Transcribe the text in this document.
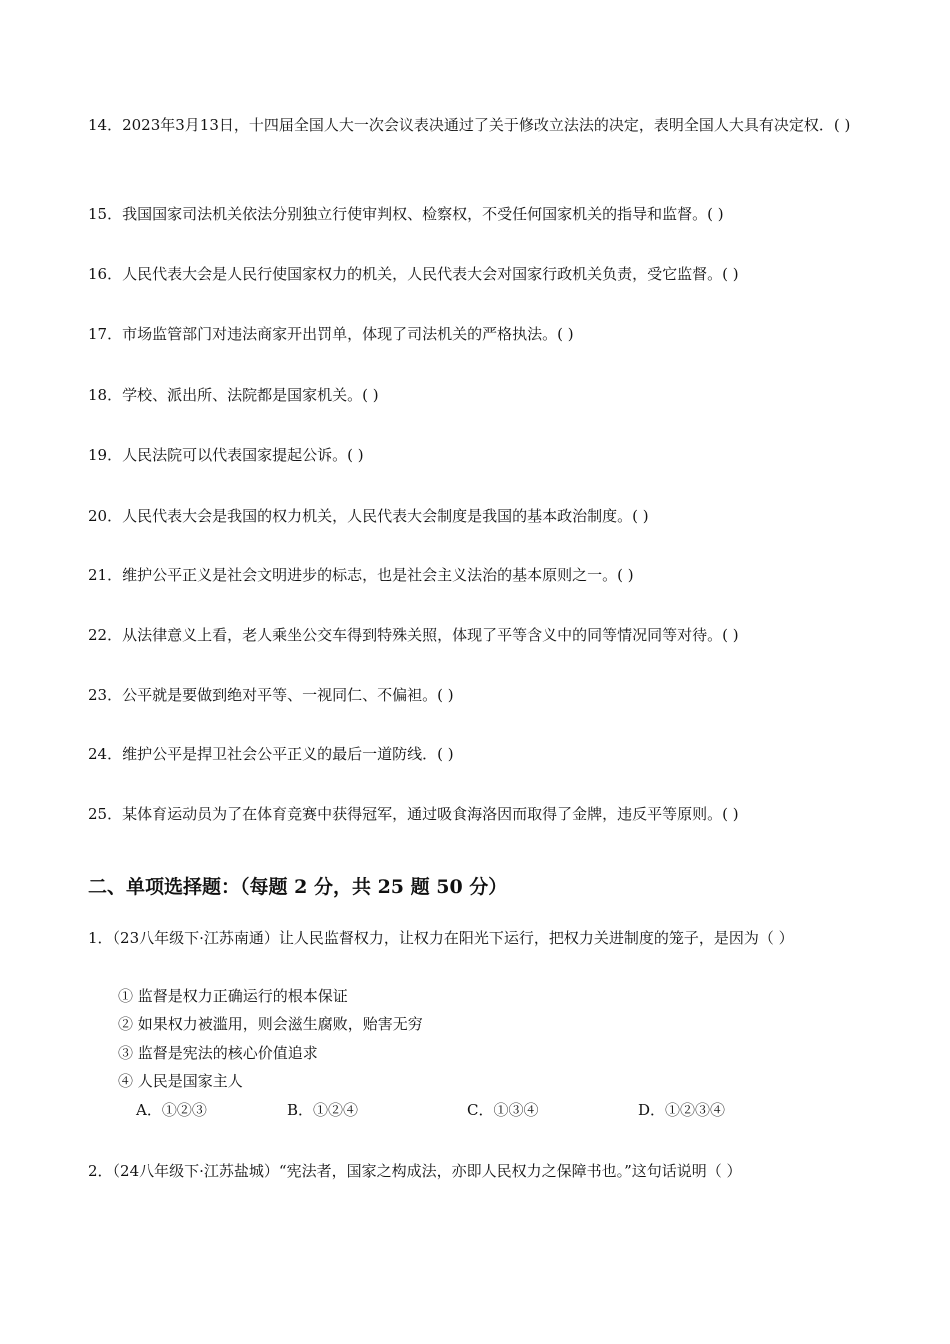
14．2023年3月13日，十四届全国人大一次会议表决通过了关于修改立法法的决定，表明全国人大具有决定权．( )
15．我国国家司法机关依法分别独立行使审判权、检察权，不受任何国家机关的指导和监督。( )
16．人民代表大会是人民行使国家权力的机关，人民代表大会对国家行政机关负责，受它监督。( )
17．市场监管部门对违法商家开出罚单，体现了司法机关的严格执法。( )
18．学校、派出所、法院都是国家机关。( )
19．人民法院可以代表国家提起公诉。( )
20．人民代表大会是我国的权力机关，人民代表大会制度是我国的基本政治制度。( )
21．维护公平正义是社会文明进步的标志，也是社会主义法治的基本原则之一。( )
22．从法律意义上看，老人乘坐公交车得到特殊关照，体现了平等含义中的同等情况同等对待。( )
23．公平就是要做到绝对平等、一视同仁、不偏袒。( )
24．维护公平是捍卫社会公平正义的最后一道防线．( )
25．某体育运动员为了在体育竞赛中获得冠军，通过吸食海洛因而取得了金牌，违反平等原则。( )
二、单项选择题：（每题 2 分，共 25 题 50 分）
1．（23八年级下·江苏南通）让人民监督权力，让权力在阳光下运行，把权力关进制度的笼子，是因为（ ）
① 监督是权力正确运行的根本保证
② 如果权力被滥用，则会滋生腐败，贻害无穷
③ 监督是宪法的核心价值追求
④ 人民是国家主人
A．①②③	B．①②④	C．①③④	D．①②③④
2．（24八年级下·江苏盐城）“宪法者，国家之构成法，亦即人民权力之保障书也。”这句话说明（ ）
